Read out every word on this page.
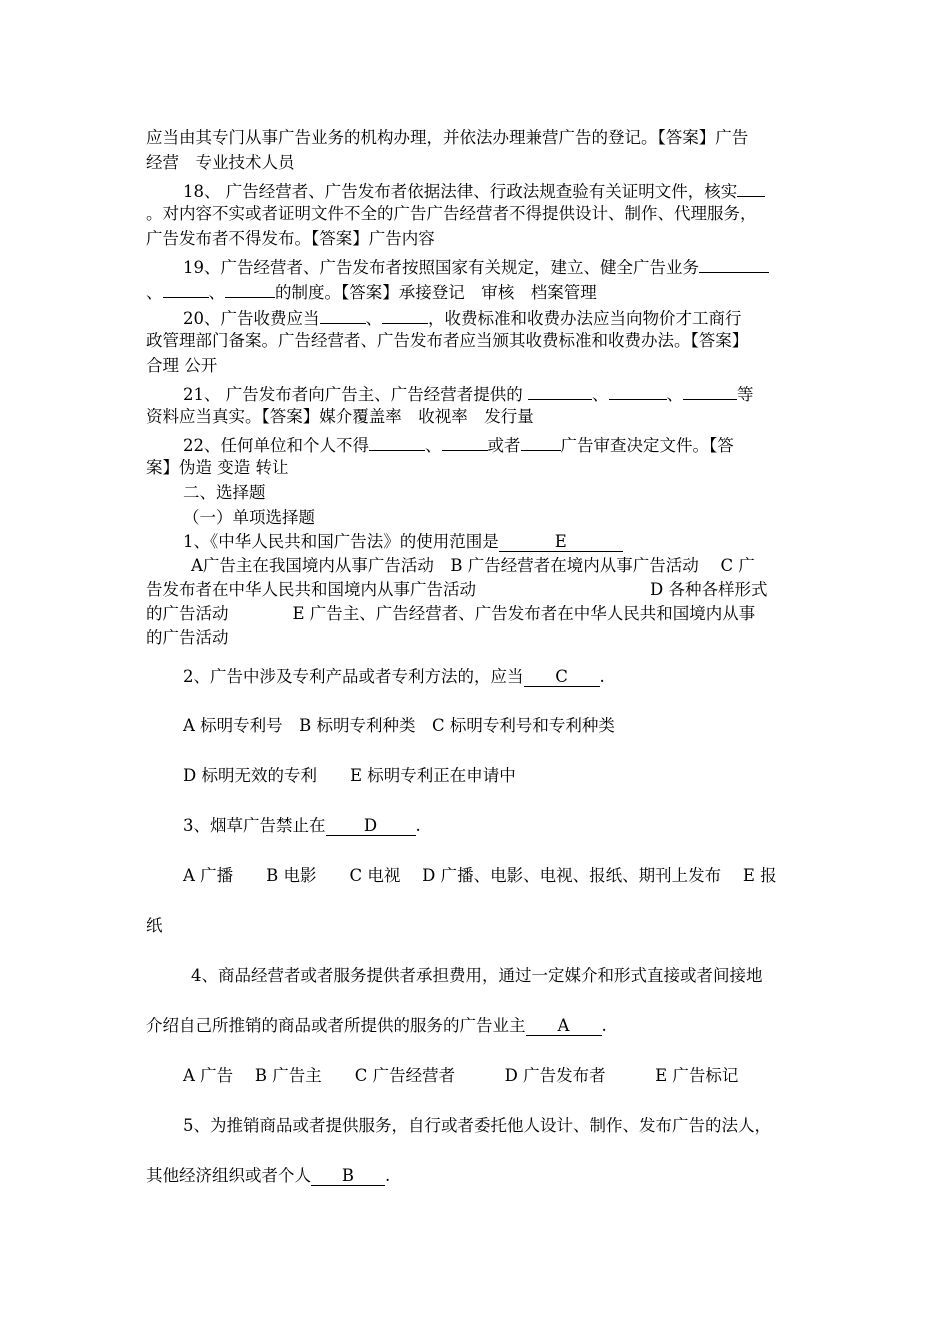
应当由其专门从事广告业务的机构办理，并依法办理兼营广告的登记。【答案】广告
经营　专业技术人员
18、 广告经营者、广告发布者依据法律、行政法规查验有关证明文件，核实
。对内容不实或者证明文件不全的广告广告经营者不得提供设计、制作、代理服务，
广告发布者不得发布。【答案】广告内容
19、广告经营者、广告发布者按照国家有关规定，建立、健全广告业务
、	、	的制度。【答案】承接登记　审核　档案管理
20、广告收费应当	、	，收费标准和收费办法应当向物价才工商行
政管理部门备案。广告经营者、广告发布者应当颁其收费标准和收费办法。【答案】
合理 公开
21、 广告发布者向广告主、广告经营者提供的	、	、	等
资料应当真实。【答案】媒介覆盖率　收视率　发行量
22、任何单位和个人不得	、	或者 广告审查决定文件。【答
案】伪造 变造 转让
二、选择题
（一）单项选择题
1、《中华人民共和国广告法》的使用范围是	E
A广告主在我国境内从事广告活动　B 广告经营者在境内从事广告活动　 C 广
告发布者在中华人民共和国境内从事广告活动	D 各种各样形式
的广告活动	E 广告主、广告经营者、广告发布者在中华人民共和国境内从事
的广告活动
2、广告中涉及专利产品或者专利方法的，应当 C .
A 标明专利号　B 标明专利种类　C 标明专利号和专利种类
D 标明无效的专利　　E 标明专利正在申请中
3、烟草广告禁止在 D .
A 广播　　B 电影　　C 电视　 D 广播、电影、电视、报纸、期刊上发布　 E 报
纸
4、商品经营者或者服务提供者承担费用，通过一定媒介和形式直接或者间接地
介绍自己所推销的商品或者所提供的服务的广告业主 A .
A 广告　 B 广告主　　C 广告经营者　　　D 广告发布者　　　E 广告标记
5、为推销商品或者提供服务，自行或者委托他人设计、制作、发布广告的法人，
其他经济组织或者个人 B .
